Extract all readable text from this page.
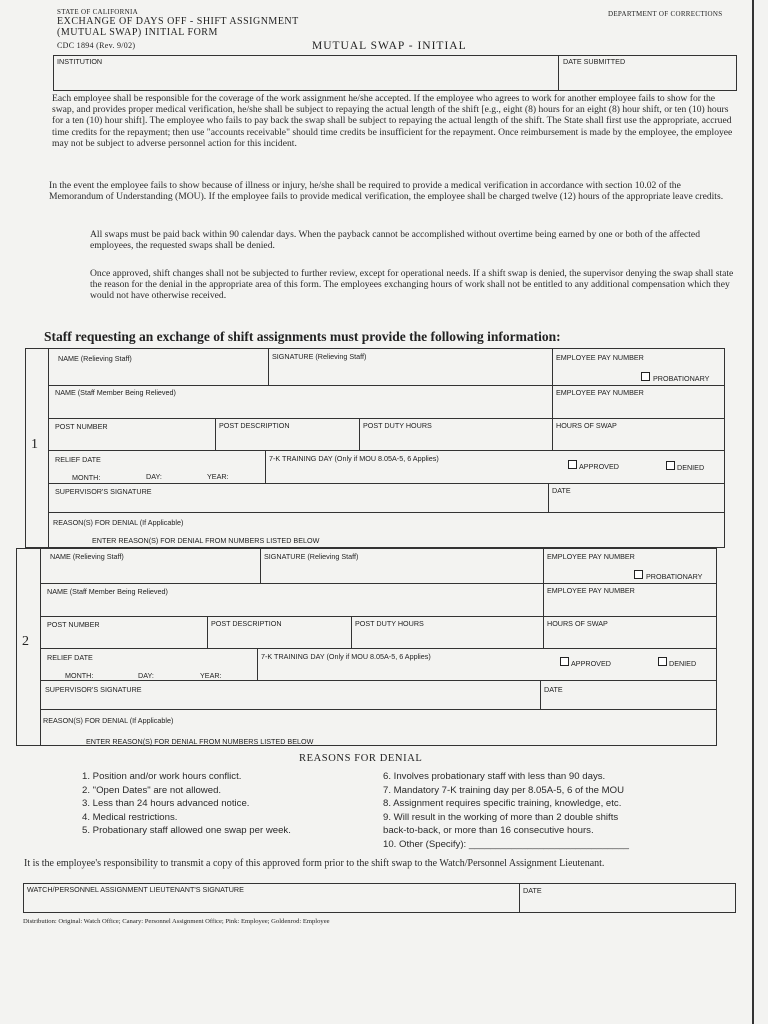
STATE OF CALIFORNIA
EXCHANGE OF DAYS OFF - SHIFT ASSIGNMENT
(MUTUAL SWAP) INITIAL FORM
CDC 1894 (Rev. 9/02)
DEPARTMENT OF CORRECTIONS
MUTUAL SWAP - INITIAL
INSTITUTION	DATE SUBMITTED

Each employee shall be responsible for the coverage of the work assignment he/she accepted. If the employee who agrees to work for another employee fails to show for the swap, and provides proper medical verification, he/she shall be subject to repaying the actual length of the shift [e.g., eight (8) hours for an eight (8) hour shift, or ten (10) hours for a ten (10) hour shift]. The employee who fails to pay back the swap shall be subject to repaying the actual length of the shift. The State shall first use the appropriate, accrued time credits for the repayment; then use "accounts receivable" should time credits be insufficient for the repayment. Once reimbursement is made by the employee, the employee may not be subject to adverse personnel action for this incident.

In the event the employee fails to show because of illness or injury, he/she shall be required to provide a medical verification in accordance with section 10.02 of the Memorandum of Understanding (MOU). If the employee fails to provide medical verification, the employee shall be charged twelve (12) hours of the appropriate leave credits.

All swaps must be paid back within 90 calendar days. When the payback cannot be accomplished without overtime being earned by one or both of the affected employees, the requested swaps shall be denied.

Once approved, shift changes shall not be subjected to further review, except for operational needs. If a shift swap is denied, the supervisor denying the swap shall state the reason for the denial in the appropriate area of this form. The employees exchanging hours of work shall not be entitled to any additional compensation which they would not have otherwise received.

Staff requesting an exchange of shift assignments must provide the following information:
1
NAME (Relieving Staff)	SIGNATURE (Relieving Staff)	EMPLOYEE PAY NUMBER
PROBATIONARY
NAME (Staff Member Being Relieved)	EMPLOYEE PAY NUMBER
POST NUMBER	POST DESCRIPTION	POST DUTY HOURS	HOURS OF SWAP
RELIEF DATE
MONTH:	DAY:	YEAR:
7-K TRAINING DAY (Only if MOU 8.05A-5, 6 Applies)
APPROVED	DENIED
SUPERVISOR'S SIGNATURE	DATE
REASON(S) FOR DENIAL (If Applicable)
ENTER REASON(S) FOR DENIAL FROM NUMBERS LISTED BELOW
2
NAME (Relieving Staff)	SIGNATURE (Relieving Staff)	EMPLOYEE PAY NUMBER
PROBATIONARY
NAME (Staff Member Being Relieved)	EMPLOYEE PAY NUMBER
POST NUMBER	POST DESCRIPTION	POST DUTY HOURS	HOURS OF SWAP
RELIEF DATE
MONTH:	DAY:	YEAR:
7-K TRAINING DAY (Only if MOU 8.05A-5, 6 Applies)
APPROVED	DENIED
SUPERVISOR'S SIGNATURE	DATE
REASON(S) FOR DENIAL (If Applicable)
ENTER REASON(S) FOR DENIAL FROM NUMBERS LISTED BELOW
REASONS FOR DENIAL
1. Position and/or work hours conflict.
2. "Open Dates" are not allowed.
3. Less than 24 hours advanced notice.
4. Medical restrictions.
5. Probationary staff allowed one swap per week.
6. Involves probationary staff with less than 90 days.
7. Mandatory 7-K training day per 8.05A-5, 6 of the MOU
8. Assignment requires specific training, knowledge, etc.
9. Will result in the working of more than 2 double shifts
back-to-back, or more than 16 consecutive hours.
10. Other (Specify): ______________________________

It is the employee's responsibility to transmit a copy of this approved form prior to the shift swap to the Watch/Personnel Assignment Lieutenant.

WATCH/PERSONNEL ASSIGNMENT LIEUTENANT'S SIGNATURE	DATE
Distribution: Original: Watch Office; Canary: Personnel Assignment Office; Pink: Employee; Goldenrod: Employee
